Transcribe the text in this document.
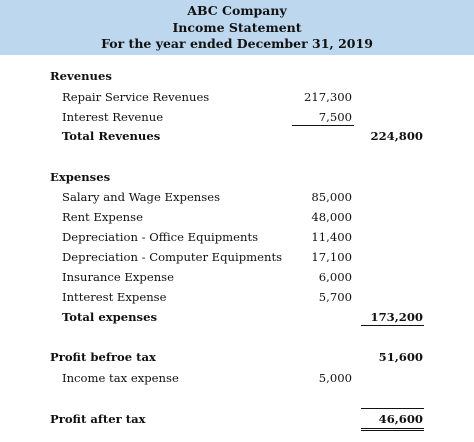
ABC Company
Income Statement
For the year ended December 31, 2019
Revenues
Repair Service Revenues	217,300
Interest Revenue	7,500
Total Revenues	224,800
Expenses
Salary and Wage Expenses	85,000
Rent Expense	48,000
Depreciation - Office Equipments	11,400
Depreciation - Computer Equipments	17,100
Insurance Expense	6,000
Intterest Expense	5,700
Total expenses	173,200
Profit befroe tax	51,600
Income tax expense	5,000
Profit after tax	46,600
